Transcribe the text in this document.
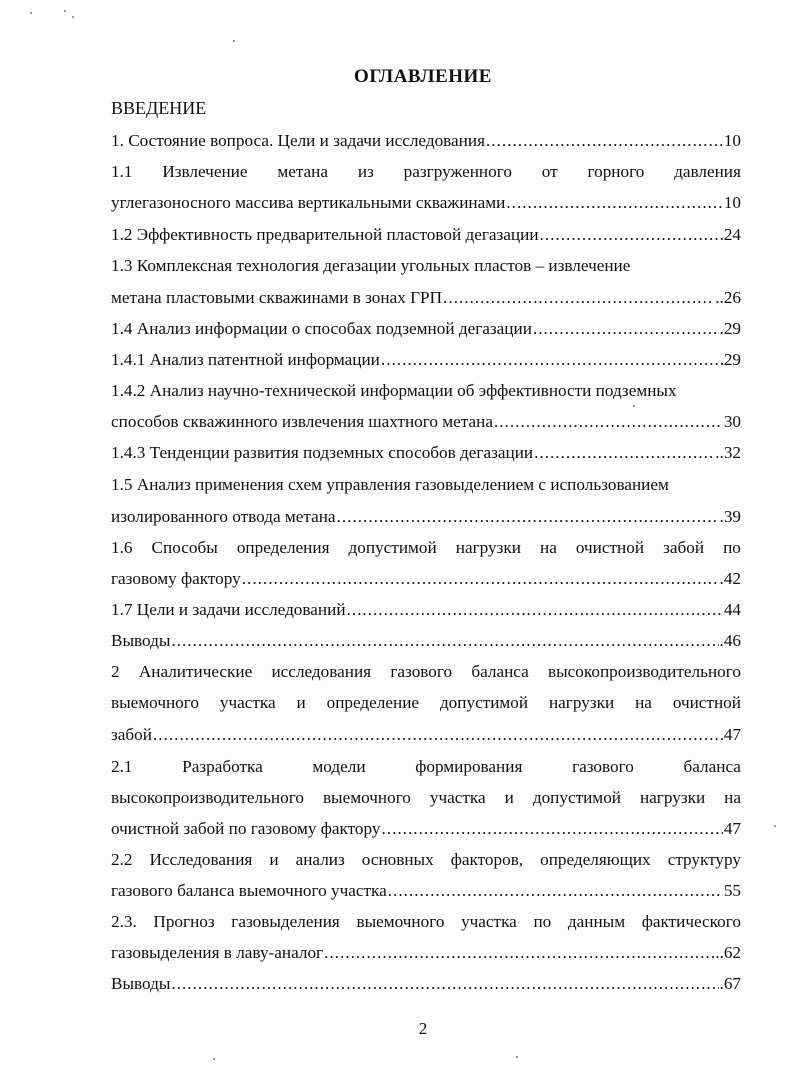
ОГЛАВЛЕНИЕ
ВВЕДЕНИЕ
1. Состояние вопроса. Цели и задачи исследования .....	10
1.1 Извлечение метана из разгруженного от горного давления
углегазоносного массива вертикальными скважинами .....	10
1.2 Эффективность предварительной пластовой дегазации .....	24
1.3 Комплексная технология дегазации угольных пластов – извлечение
метана пластовыми скважинами в зонах ГРП .....	..26
1.4 Анализ информации о способах подземной дегазации .....	.29
1.4.1 Анализ патентной информации .....	29
1.4.2 Анализ научно-технической информации об эффективности подземных
способов скважинного извлечения шахтного метана .....	30
1.4.3 Тенденции развития подземных способов дегазации .....	..32
1.5 Анализ применения схем управления газовыделением с использованием
изолированного отвода метана .....	.39
1.6 Способы определения допустимой нагрузки на очистной забой по
газовому фактору .....	.42
1.7 Цели и задачи исследований .....	44
Выводы .....	.46
2 Аналитические исследования газового баланса высокопроизводительного
выемочного участка и определение допустимой нагрузки на очистной
забой .....	47
2.1	Разработка	модели	формирования	газового	баланса
высокопроизводительного выемочного участка и допустимой нагрузки на
очистной забой по газовому фактору .....	47
2.2 Исследования и анализ основных факторов, определяющих структуру
газового баланса выемочного участка .....	55
2.3. Прогноз газовыделения выемочного участка по данным фактического
газовыделения в лаву-аналог .....	..62
Выводы .....	.67
2
